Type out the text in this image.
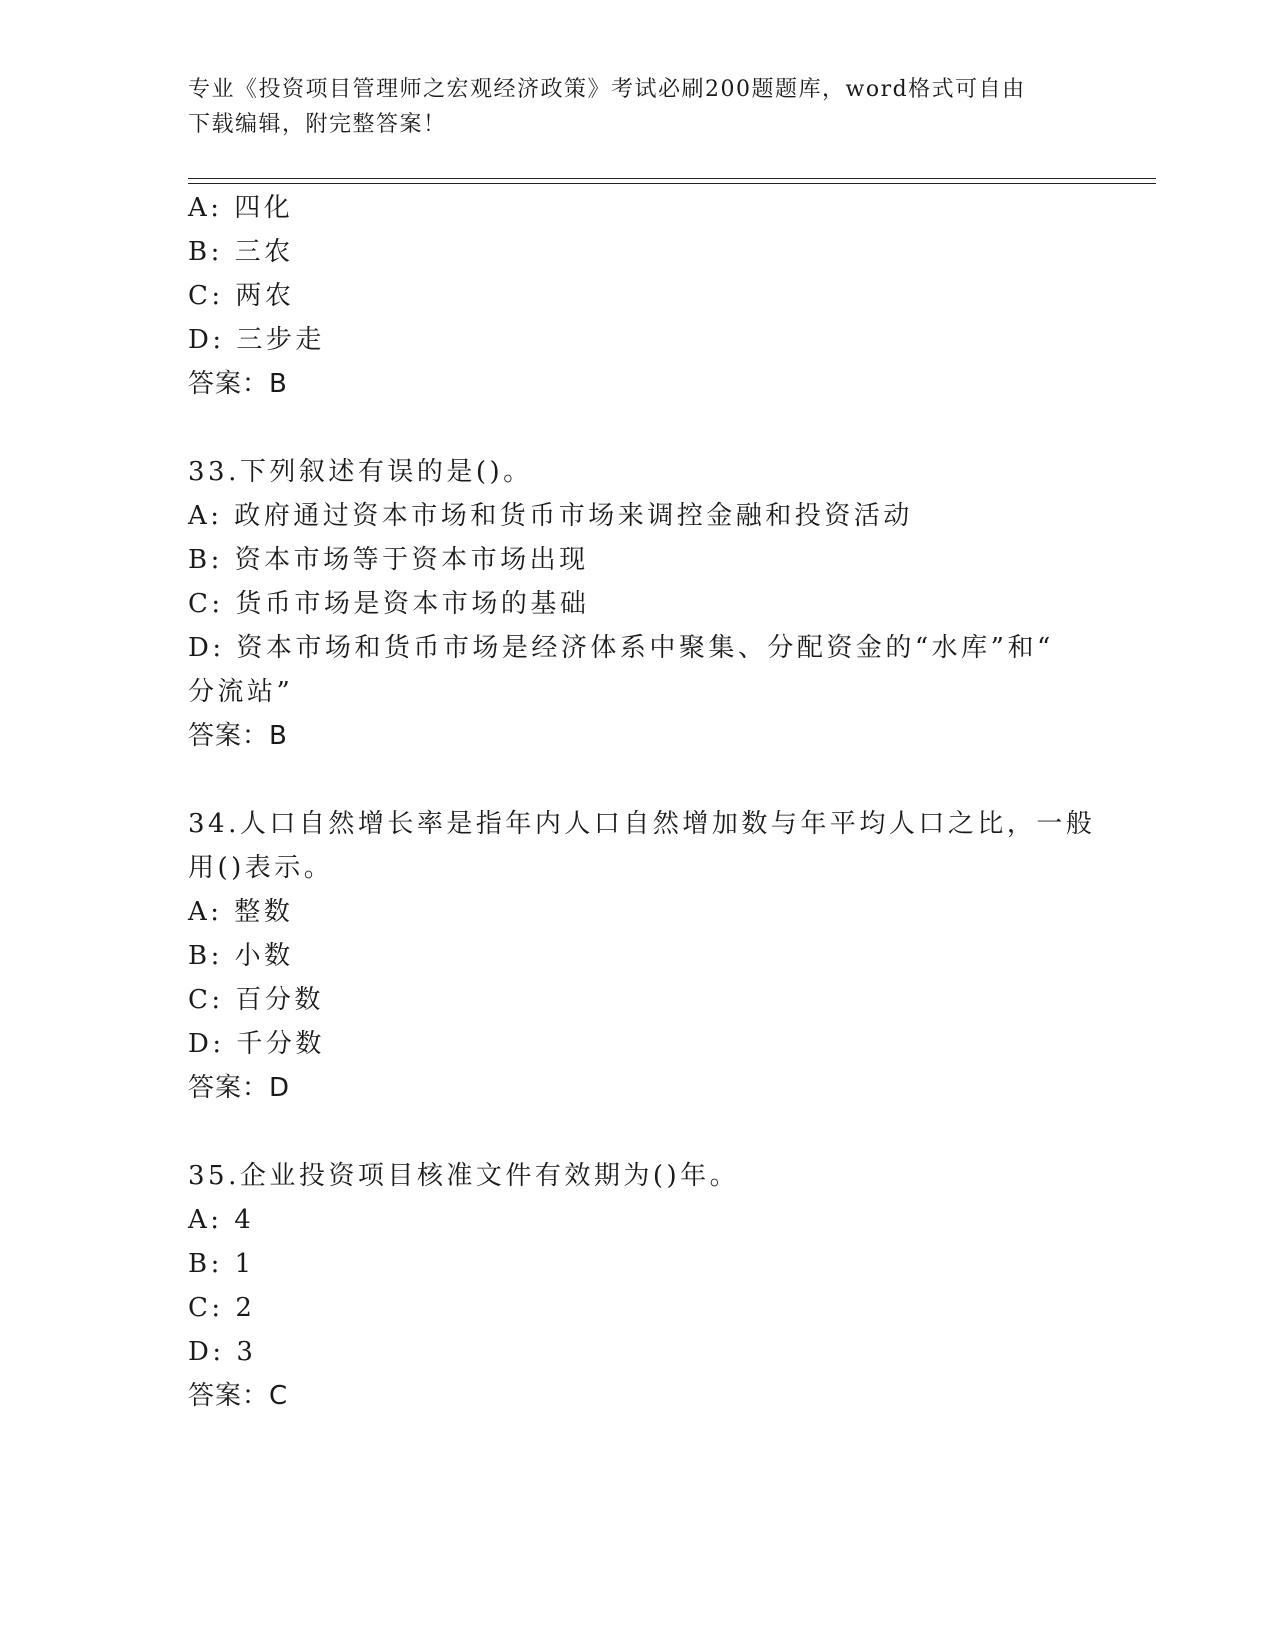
专业《投资项目管理师之宏观经济政策》考试必刷200题题库，word格式可自由
下载编辑，附完整答案！
A: 四化
B: 三农
C: 两农
D: 三步走
答案：B
33.下列叙述有误的是()。
A: 政府通过资本市场和货币市场来调控金融和投资活动
B: 资本市场等于资本市场出现
C: 货币市场是资本市场的基础
D: 资本市场和货币市场是经济体系中聚集、分配资金的“水库”和“
分流站”
答案：B
34.人口自然增长率是指年内人口自然增加数与年平均人口之比，一般
用()表示。
A: 整数
B: 小数
C: 百分数
D: 千分数
答案：D
35.企业投资项目核准文件有效期为()年。
A: 4
B: 1
C: 2
D: 3
答案：C
